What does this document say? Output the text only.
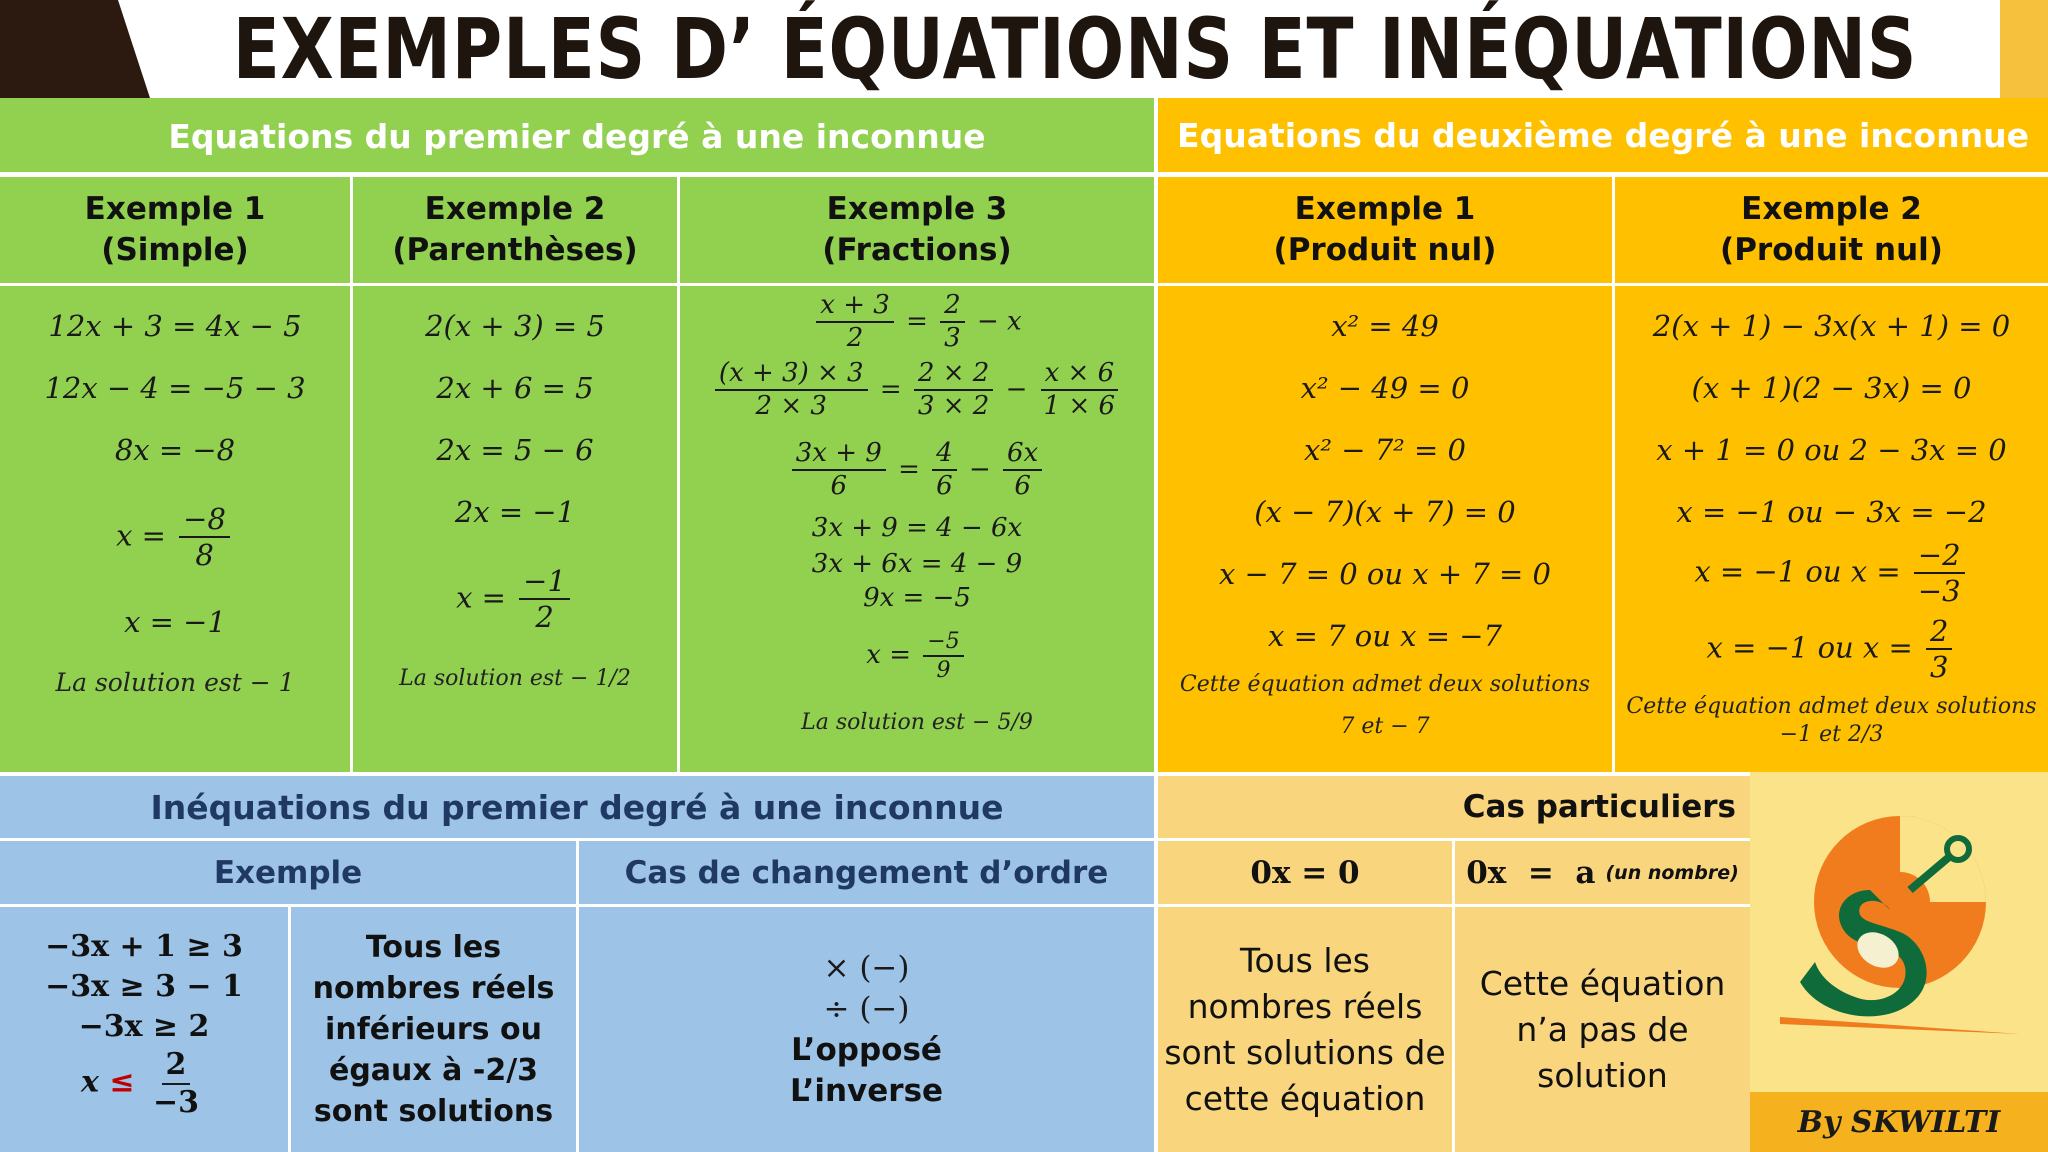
EXEMPLES D’ ÉQUATIONS ET INÉQUATIONS
Equations du premier degré à une inconnue
Exemple 1
(Simple)
Exemple 2
(Parenthèses)
Exemple 3
(Fractions)
12x + 3 = 4x − 5
12x − 4 = −5 − 3
8x = −8
$x = \frac{-8}{8}$
x = −1
La solution est − 1
2(x + 3) = 5
2x + 6 = 5
2x = 5 − 6
2x = −1
$x = \frac{-1}{2}$
La solution est − 1/2
$\frac{x + 3}{2} = \frac{2}{3} - x$
$\frac{(x + 3) \times 3}{2 \times 3} = \frac{2 \times 2}{3 \times 2} - \frac{x \times 6}{1 \times 6}$
$\frac{3x + 9}{6} = \frac{4}{6} - \frac{6x}{6}$
3x + 9 = 4 − 6x
3x + 6x = 4 − 9
9x = −5
$x = \frac{-5}{9}$
La solution est − 5/9
Equations du deuxième degré à une inconnue
Exemple 1
(Produit nul)
Exemple 2
(Produit nul)
x² = 49
x² − 49 = 0
x² − 7² = 0
(x − 7)(x + 7) = 0
x − 7 = 0 ou x + 7 = 0
x = 7 ou x = −7
Cette équation admet deux solutions
7 et − 7
2(x + 1) − 3x(x + 1) = 0
(x + 1)(2 − 3x) = 0
x + 1 = 0 ou 2 − 3x = 0
x = −1 ou − 3x = −2
x = −1 ou $x = \frac{-2}{-3}$
x = −1 ou $x = \frac{2}{3}$
Cette équation admet deux solutions
−1 et 2/3
Inéquations du premier degré à une inconnue
Exemple	Cas de changement d’ordre
−3x + 1 ≥ 3
−3x ≥ 3 − 1
−3x ≥ 2
$x \le \frac{2}{-3}$
Tous les
nombres réels
inférieurs ou
égaux à -2/3
sont solutions
× (−)
÷ (−)
L’opposé
L’inverse
Cas particuliers
0x = 0	0x  =  a (un nombre)
Tous les
nombres réels
sont solutions de
cette équation
Cette équation
n’a pas de
solution
By SKWILTI
